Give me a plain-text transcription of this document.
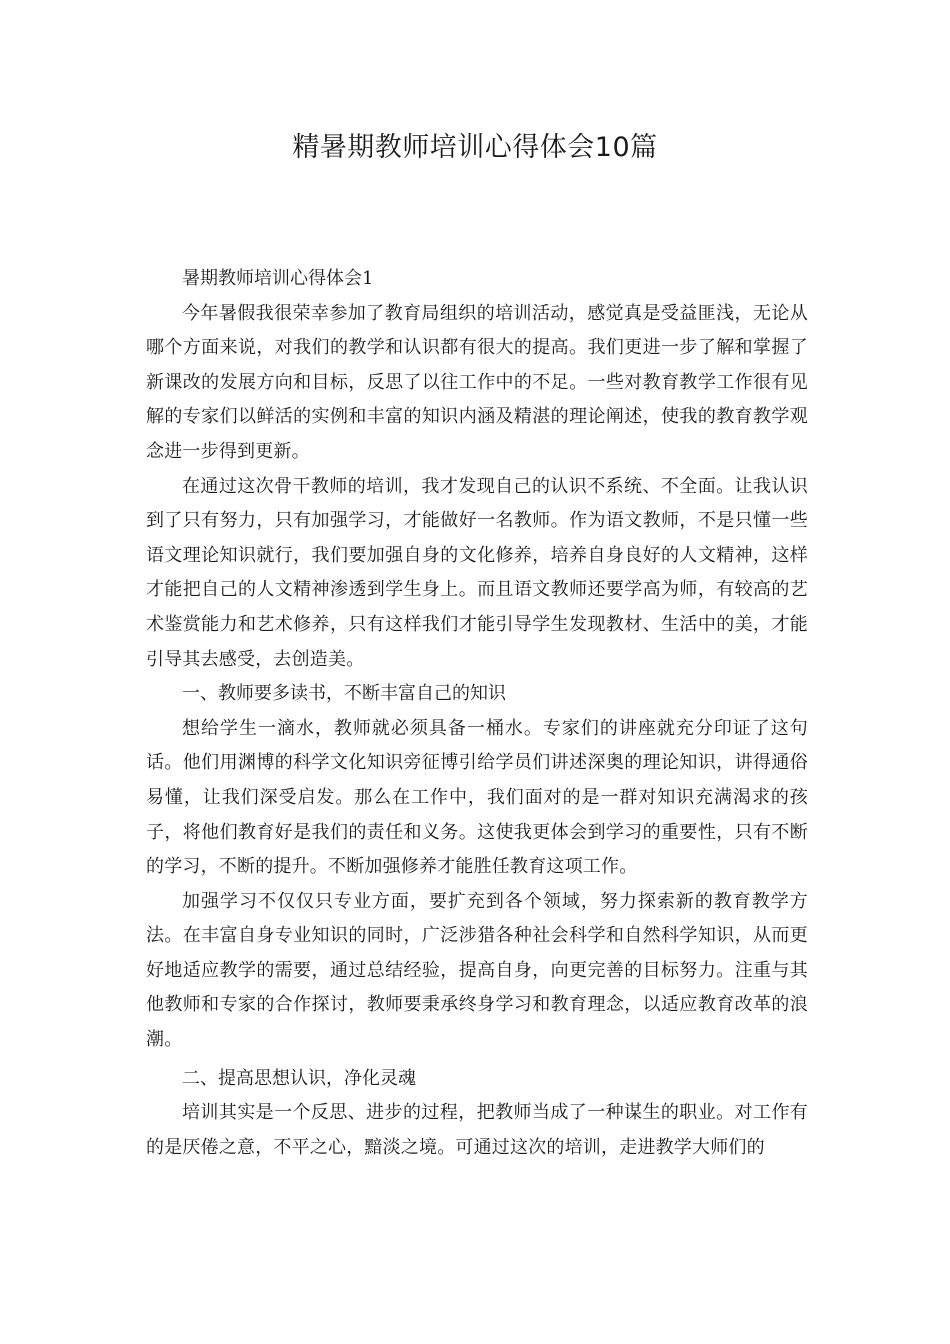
精暑期教师培训心得体会10篇

暑期教师培训心得体会1

今年暑假我很荣幸参加了教育局组织的培训活动，感觉真是受益匪浅，无论从哪个方面来说，对我们的教学和认识都有很大的提高。我们更进一步了解和掌握了新课改的发展方向和目标，反思了以往工作中的不足。一些对教育教学工作很有见解的专家们以鲜活的实例和丰富的知识内涵及精湛的理论阐述，使我的教育教学观念进一步得到更新。

在通过这次骨干教师的培训，我才发现自己的认识不系统、不全面。让我认识到了只有努力，只有加强学习，才能做好一名教师。作为语文教师，不是只懂一些语文理论知识就行，我们要加强自身的文化修养，培养自身良好的人文精神，这样才能把自己的人文精神渗透到学生身上。而且语文教师还要学高为师，有较高的艺术鉴赏能力和艺术修养，只有这样我们才能引导学生发现教材、生活中的美，才能引导其去感受，去创造美。

一、教师要多读书，不断丰富自己的知识

想给学生一滴水，教师就必须具备一桶水。专家们的讲座就充分印证了这句话。他们用渊博的科学文化知识旁征博引给学员们讲述深奥的理论知识，讲得通俗易懂，让我们深受启发。那么在工作中，我们面对的是一群对知识充满渴求的孩子，将他们教育好是我们的责任和义务。这使我更体会到学习的重要性，只有不断的学习，不断的提升。不断加强修养才能胜任教育这项工作。

加强学习不仅仅只专业方面，要扩充到各个领域，努力探索新的教育教学方法。在丰富自身专业知识的同时，广泛涉猎各种社会科学和自然科学知识，从而更好地适应教学的需要，通过总结经验，提高自身，向更完善的目标努力。注重与其他教师和专家的合作探讨，教师要秉承终身学习和教育理念，以适应教育改革的浪潮。

二、提高思想认识，净化灵魂

培训其实是一个反思、进步的过程，把教师当成了一种谋生的职业。对工作有的是厌倦之意，不平之心，黯淡之境。可通过这次的培训，走进教学大师们的
